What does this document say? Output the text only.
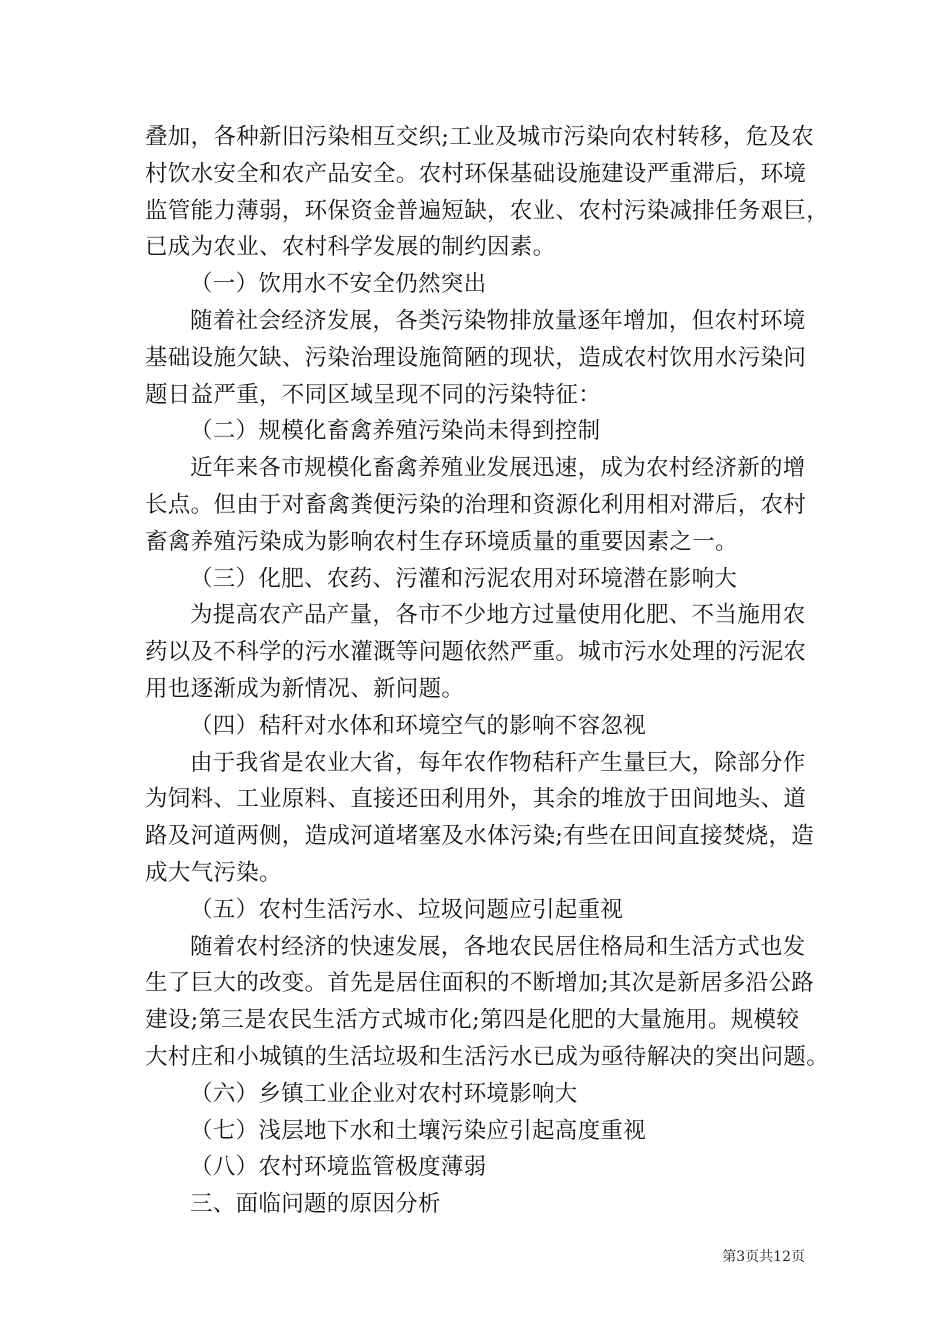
叠加，各种新旧污染相互交织;工业及城市污染向农村转移，危及农
村饮水安全和农产品安全。农村环保基础设施建设严重滞后，环境
监管能力薄弱，环保资金普遍短缺，农业、农村污染减排任务艰巨，
已成为农业、农村科学发展的制约因素。
（一）饮用水不安全仍然突出
随着社会经济发展，各类污染物排放量逐年增加，但农村环境
基础设施欠缺、污染治理设施简陋的现状，造成农村饮用水污染问
题日益严重，不同区域呈现不同的污染特征：
（二）规模化畜禽养殖污染尚未得到控制
近年来各市规模化畜禽养殖业发展迅速，成为农村经济新的增
长点。但由于对畜禽粪便污染的治理和资源化利用相对滞后，农村
畜禽养殖污染成为影响农村生存环境质量的重要因素之一。
（三）化肥、农药、污灌和污泥农用对环境潜在影响大
为提高农产品产量，各市不少地方过量使用化肥、不当施用农
药以及不科学的污水灌溉等问题依然严重。城市污水处理的污泥农
用也逐渐成为新情况、新问题。
（四）秸秆对水体和环境空气的影响不容忽视
由于我省是农业大省，每年农作物秸秆产生量巨大，除部分作
为饲料、工业原料、直接还田利用外，其余的堆放于田间地头、道
路及河道两侧，造成河道堵塞及水体污染;有些在田间直接焚烧，造
成大气污染。
（五）农村生活污水、垃圾问题应引起重视
随着农村经济的快速发展，各地农民居住格局和生活方式也发
生了巨大的改变。首先是居住面积的不断增加;其次是新居多沿公路
建设;第三是农民生活方式城市化;第四是化肥的大量施用。规模较
大村庄和小城镇的生活垃圾和生活污水已成为亟待解决的突出问题。
（六）乡镇工业企业对农村环境影响大
（七）浅层地下水和土壤污染应引起高度重视
（八）农村环境监管极度薄弱
三、面临问题的原因分析
第3页共12页
